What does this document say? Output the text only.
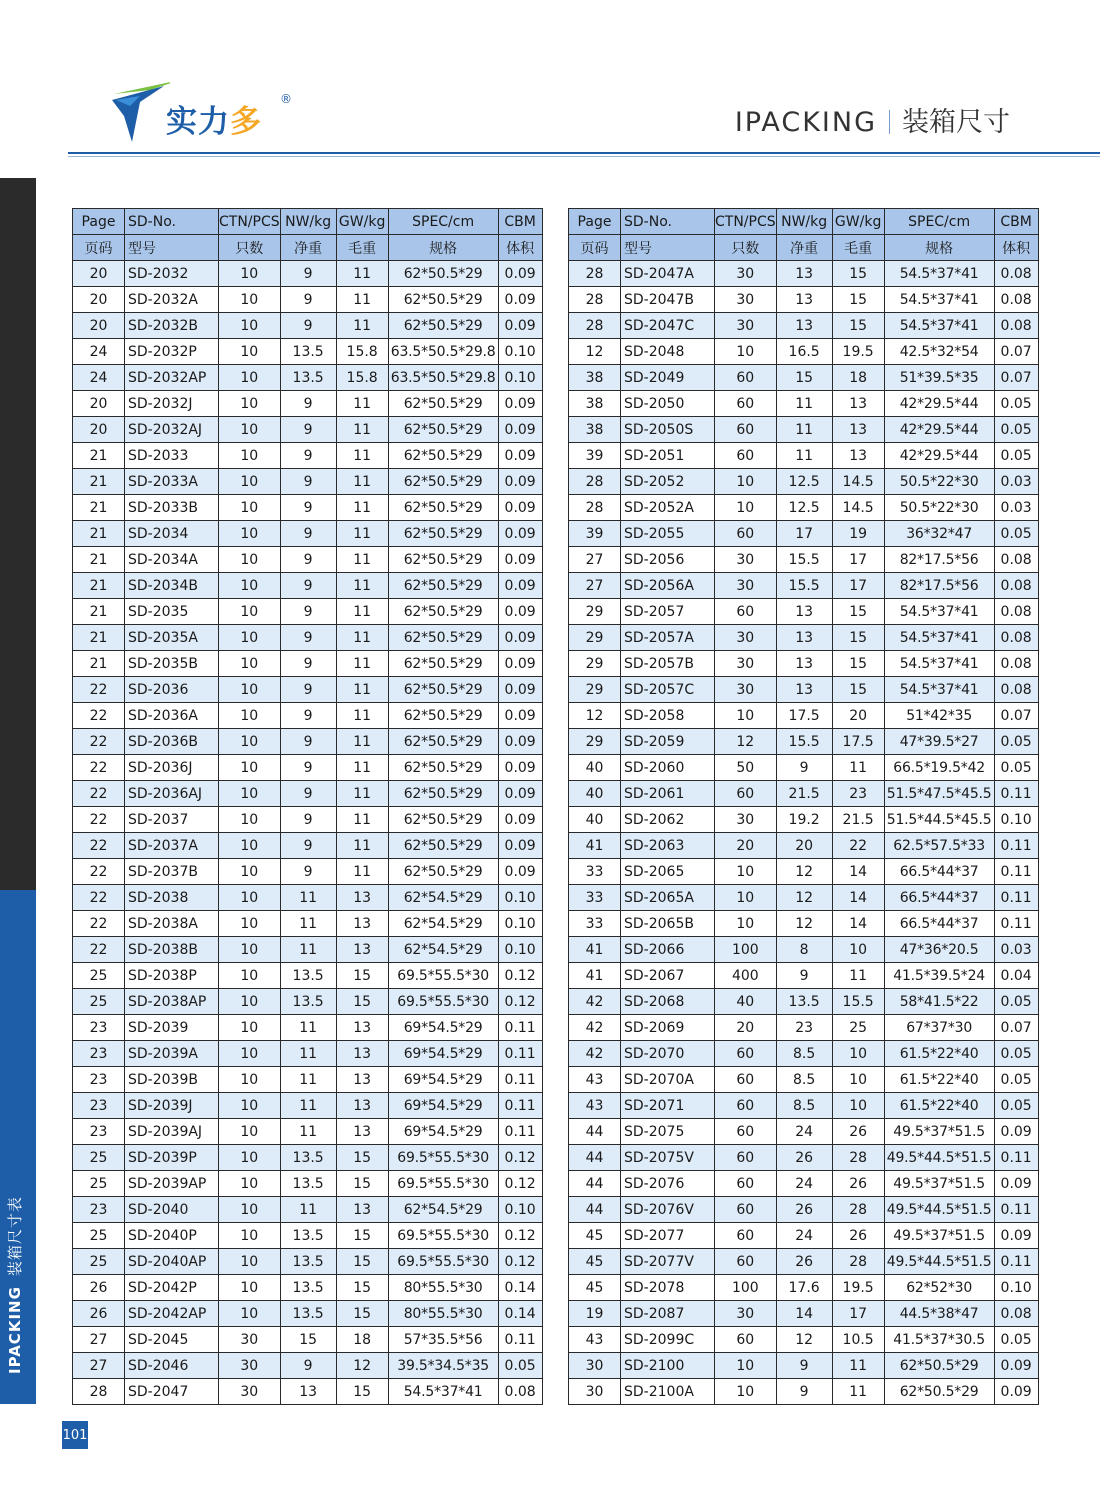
实力多
®
IPACKING 装箱尺寸
IPACKING装箱尺寸表
Page	SD-No.	CTN/PCS	NW/kg	GW/kg	SPEC/cm	CBM
页码	型号	只数	净重	毛重	规格	体积
20	SD-2032	10	9	11	62*50.5*29	0.09
20	SD-2032A	10	9	11	62*50.5*29	0.09
20	SD-2032B	10	9	11	62*50.5*29	0.09
24	SD-2032P	10	13.5	15.8	63.5*50.5*29.8	0.10
24	SD-2032AP	10	13.5	15.8	63.5*50.5*29.8	0.10
20	SD-2032J	10	9	11	62*50.5*29	0.09
20	SD-2032AJ	10	9	11	62*50.5*29	0.09
21	SD-2033	10	9	11	62*50.5*29	0.09
21	SD-2033A	10	9	11	62*50.5*29	0.09
21	SD-2033B	10	9	11	62*50.5*29	0.09
21	SD-2034	10	9	11	62*50.5*29	0.09
21	SD-2034A	10	9	11	62*50.5*29	0.09
21	SD-2034B	10	9	11	62*50.5*29	0.09
21	SD-2035	10	9	11	62*50.5*29	0.09
21	SD-2035A	10	9	11	62*50.5*29	0.09
21	SD-2035B	10	9	11	62*50.5*29	0.09
22	SD-2036	10	9	11	62*50.5*29	0.09
22	SD-2036A	10	9	11	62*50.5*29	0.09
22	SD-2036B	10	9	11	62*50.5*29	0.09
22	SD-2036J	10	9	11	62*50.5*29	0.09
22	SD-2036AJ	10	9	11	62*50.5*29	0.09
22	SD-2037	10	9	11	62*50.5*29	0.09
22	SD-2037A	10	9	11	62*50.5*29	0.09
22	SD-2037B	10	9	11	62*50.5*29	0.09
22	SD-2038	10	11	13	62*54.5*29	0.10
22	SD-2038A	10	11	13	62*54.5*29	0.10
22	SD-2038B	10	11	13	62*54.5*29	0.10
25	SD-2038P	10	13.5	15	69.5*55.5*30	0.12
25	SD-2038AP	10	13.5	15	69.5*55.5*30	0.12
23	SD-2039	10	11	13	69*54.5*29	0.11
23	SD-2039A	10	11	13	69*54.5*29	0.11
23	SD-2039B	10	11	13	69*54.5*29	0.11
23	SD-2039J	10	11	13	69*54.5*29	0.11
23	SD-2039AJ	10	11	13	69*54.5*29	0.11
25	SD-2039P	10	13.5	15	69.5*55.5*30	0.12
25	SD-2039AP	10	13.5	15	69.5*55.5*30	0.12
23	SD-2040	10	11	13	62*54.5*29	0.10
25	SD-2040P	10	13.5	15	69.5*55.5*30	0.12
25	SD-2040AP	10	13.5	15	69.5*55.5*30	0.12
26	SD-2042P	10	13.5	15	80*55.5*30	0.14
26	SD-2042AP	10	13.5	15	80*55.5*30	0.14
27	SD-2045	30	15	18	57*35.5*56	0.11
27	SD-2046	30	9	12	39.5*34.5*35	0.05
28	SD-2047	30	13	15	54.5*37*41	0.08
Page	SD-No.	CTN/PCS	NW/kg	GW/kg	SPEC/cm	CBM
页码	型号	只数	净重	毛重	规格	体积
28	SD-2047A	30	13	15	54.5*37*41	0.08
28	SD-2047B	30	13	15	54.5*37*41	0.08
28	SD-2047C	30	13	15	54.5*37*41	0.08
12	SD-2048	10	16.5	19.5	42.5*32*54	0.07
38	SD-2049	60	15	18	51*39.5*35	0.07
38	SD-2050	60	11	13	42*29.5*44	0.05
38	SD-2050S	60	11	13	42*29.5*44	0.05
39	SD-2051	60	11	13	42*29.5*44	0.05
28	SD-2052	10	12.5	14.5	50.5*22*30	0.03
28	SD-2052A	10	12.5	14.5	50.5*22*30	0.03
39	SD-2055	60	17	19	36*32*47	0.05
27	SD-2056	30	15.5	17	82*17.5*56	0.08
27	SD-2056A	30	15.5	17	82*17.5*56	0.08
29	SD-2057	60	13	15	54.5*37*41	0.08
29	SD-2057A	30	13	15	54.5*37*41	0.08
29	SD-2057B	30	13	15	54.5*37*41	0.08
29	SD-2057C	30	13	15	54.5*37*41	0.08
12	SD-2058	10	17.5	20	51*42*35	0.07
29	SD-2059	12	15.5	17.5	47*39.5*27	0.05
40	SD-2060	50	9	11	66.5*19.5*42	0.05
40	SD-2061	60	21.5	23	51.5*47.5*45.5	0.11
40	SD-2062	30	19.2	21.5	51.5*44.5*45.5	0.10
41	SD-2063	20	20	22	62.5*57.5*33	0.11
33	SD-2065	10	12	14	66.5*44*37	0.11
33	SD-2065A	10	12	14	66.5*44*37	0.11
33	SD-2065B	10	12	14	66.5*44*37	0.11
41	SD-2066	100	8	10	47*36*20.5	0.03
41	SD-2067	400	9	11	41.5*39.5*24	0.04
42	SD-2068	40	13.5	15.5	58*41.5*22	0.05
42	SD-2069	20	23	25	67*37*30	0.07
42	SD-2070	60	8.5	10	61.5*22*40	0.05
43	SD-2070A	60	8.5	10	61.5*22*40	0.05
43	SD-2071	60	8.5	10	61.5*22*40	0.05
44	SD-2075	60	24	26	49.5*37*51.5	0.09
44	SD-2075V	60	26	28	49.5*44.5*51.5	0.11
44	SD-2076	60	24	26	49.5*37*51.5	0.09
44	SD-2076V	60	26	28	49.5*44.5*51.5	0.11
45	SD-2077	60	24	26	49.5*37*51.5	0.09
45	SD-2077V	60	26	28	49.5*44.5*51.5	0.11
45	SD-2078	100	17.6	19.5	62*52*30	0.10
19	SD-2087	30	14	17	44.5*38*47	0.08
43	SD-2099C	60	12	10.5	41.5*37*30.5	0.05
30	SD-2100	10	9	11	62*50.5*29	0.09
30	SD-2100A	10	9	11	62*50.5*29	0.09
101
